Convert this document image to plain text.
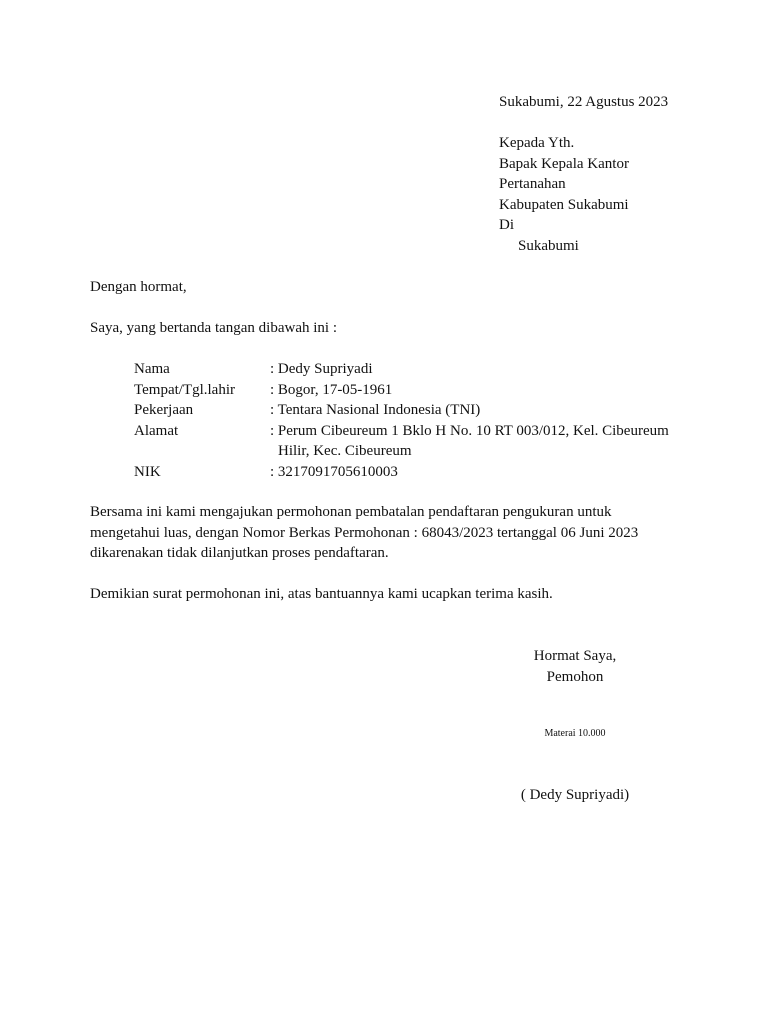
Sukabumi, 22 Agustus 2023
Kepada Yth.
Bapak Kepala Kantor
Pertanahan
Kabupaten Sukabumi
Di
Sukabumi
Dengan hormat,
Saya, yang bertanda tangan dibawah ini :
Nama	: Dedy Supriyadi
Tempat/Tgl.lahir	: Bogor, 17-05-1961
Pekerjaan	: Tentara Nasional Indonesia (TNI)
Alamat	: Perum Cibeureum 1 Bklo H No. 10 RT 003/012, Kel. Cibeureum
Hilir, Kec. Cibeureum
NIK	: 3217091705610003
Bersama ini kami mengajukan permohonan pembatalan pendaftaran pengukuran untuk
mengetahui luas, dengan Nomor Berkas Permohonan : 68043/2023 tertanggal 06 Juni 2023
dikarenakan tidak dilanjutkan proses pendaftaran.
Demikian surat permohonan ini, atas bantuannya kami ucapkan terima kasih.
Hormat Saya,
Pemohon
Materai 10.000
( Dedy Supriyadi)
